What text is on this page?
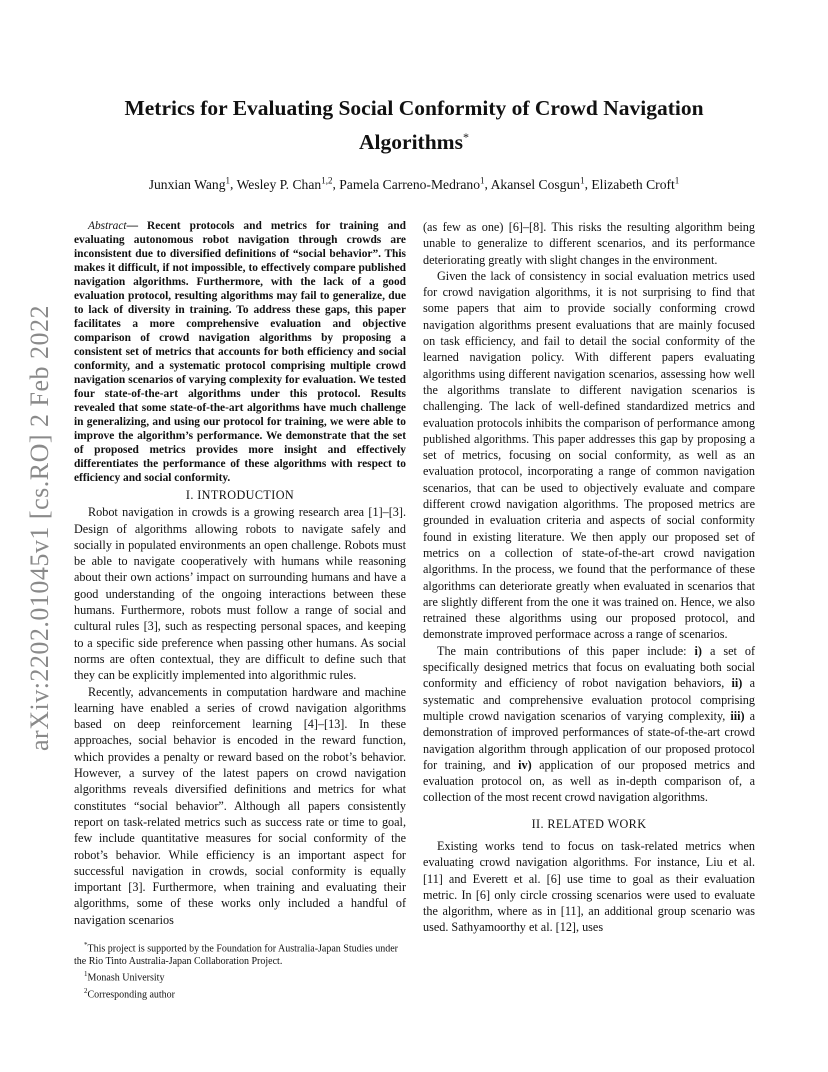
arXiv:2202.01045v1 [cs.RO] 2 Feb 2022
Metrics for Evaluating Social Conformity of Crowd Navigation
Algorithms*
Junxian Wang$^1$, Wesley P. Chan$^{1,2}$, Pamela Carreno-Medrano$^1$, Akansel Cosgun$^1$, Elizabeth Croft$^1$

Abstract— Recent protocols and metrics for training and evaluating autonomous robot navigation through crowds are inconsistent due to diversified definitions of “social behavior”. This makes it difficult, if not impossible, to effectively compare published navigation algorithms. Furthermore, with the lack of a good evaluation protocol, resulting algorithms may fail to generalize, due to lack of diversity in training. To address these gaps, this paper facilitates a more comprehensive evaluation and objective comparison of crowd navigation algorithms by proposing a consistent set of metrics that accounts for both efficiency and social conformity, and a systematic protocol comprising multiple crowd navigation scenarios of varying complexity for evaluation. We tested four state-of-the-art algorithms under this protocol. Results revealed that some state-of-the-art algorithms have much challenge in generalizing, and using our protocol for training, we were able to improve the algorithm’s performance. We demonstrate that the set of proposed metrics provides more insight and effectively differentiates the performance of these algorithms with respect to efficiency and social conformity.

I. INTRODUCTION

Robot navigation in crowds is a growing research area [1]–[3]. Design of algorithms allowing robots to navigate safely and socially in populated environments an open challenge. Robots must be able to navigate cooperatively with humans while reasoning about their own actions’ impact on surrounding humans and have a good understanding of the ongoing interactions between these humans. Furthermore, robots must follow a range of social and cultural rules [3], such as respecting personal spaces, and keeping to a specific side preference when passing other humans. As social norms are often contextual, they are difficult to define such that they can be explicitly implemented into algorithmic rules.

Recently, advancements in computation hardware and machine learning have enabled a series of crowd navigation algorithms based on deep reinforcement learning [4]–[13]. In these approaches, social behavior is encoded in the reward function, which provides a penalty or reward based on the robot’s behavior. However, a survey of the latest papers on crowd navigation algorithms reveals diversified definitions and metrics for what constitutes “social behavior”. Although all papers consistently report on task-related metrics such as success rate or time to goal, few include quantitative measures for social conformity of the robot’s behavior. While efficiency is an important aspect for successful navigation in crowds, social conformity is equally important [3]. Furthermore, when training and evaluating their algorithms, some of these works only included a handful of navigation scenarios

*This project is supported by the Foundation for Australia-Japan Studies under the Rio Tinto Australia-Japan Collaboration Project.

$^1$Monash University

$^2$Corresponding author

(as few as one) [6]–[8]. This risks the resulting algorithm being unable to generalize to different scenarios, and its performance deteriorating greatly with slight changes in the environment.

Given the lack of consistency in social evaluation metrics used for crowd navigation algorithms, it is not surprising to find that some papers that aim to provide socially conforming crowd navigation algorithms present evaluations that are mainly focused on task efficiency, and fail to detail the social conformity of the learned navigation policy. With different papers evaluating algorithms using different navigation scenarios, assessing how well the algorithms translate to different navigation scenarios is challenging. The lack of well-defined standardized metrics and evaluation protocols inhibits the comparison of performance among published algorithms. This paper addresses this gap by proposing a set of metrics, focusing on social conformity, as well as an evaluation protocol, incorporating a range of common navigation scenarios, that can be used to objectively evaluate and compare different crowd navigation algorithms. The proposed metrics are grounded in evaluation criteria and aspects of social conformity found in existing literature. We then apply our proposed set of metrics on a collection of state-of-the-art crowd navigation algorithms. In the process, we found that the performance of these algorithms can deteriorate greatly when evaluated in scenarios that are slightly different from the one it was trained on. Hence, we also retrained these algorithms using our proposed protocol, and demonstrate improved performace across a range of scenarios.

The main contributions of this paper include: i) a set of specifically designed metrics that focus on evaluating both social conformity and efficiency of robot navigation behaviors, ii) a systematic and comprehensive evaluation protocol comprising multiple crowd navigation scenarios of varying complexity, iii) a demonstration of improved performances of state-of-the-art crowd navigation algorithm through application of our proposed protocol for training, and iv) application of our proposed metrics and evaluation protocol on, as well as in-depth comparison of, a collection of the most recent crowd navigation algorithms.

II. RELATED WORK

Existing works tend to focus on task-related metrics when evaluating crowd navigation algorithms. For instance, Liu et al. [11] and Everett et al. [6] use time to goal as their evaluation metric. In [6] only circle crossing scenarios were used to evaluate the algorithm, where as in [11], an additional group scenario was used. Sathyamoorthy et al. [12], uses
